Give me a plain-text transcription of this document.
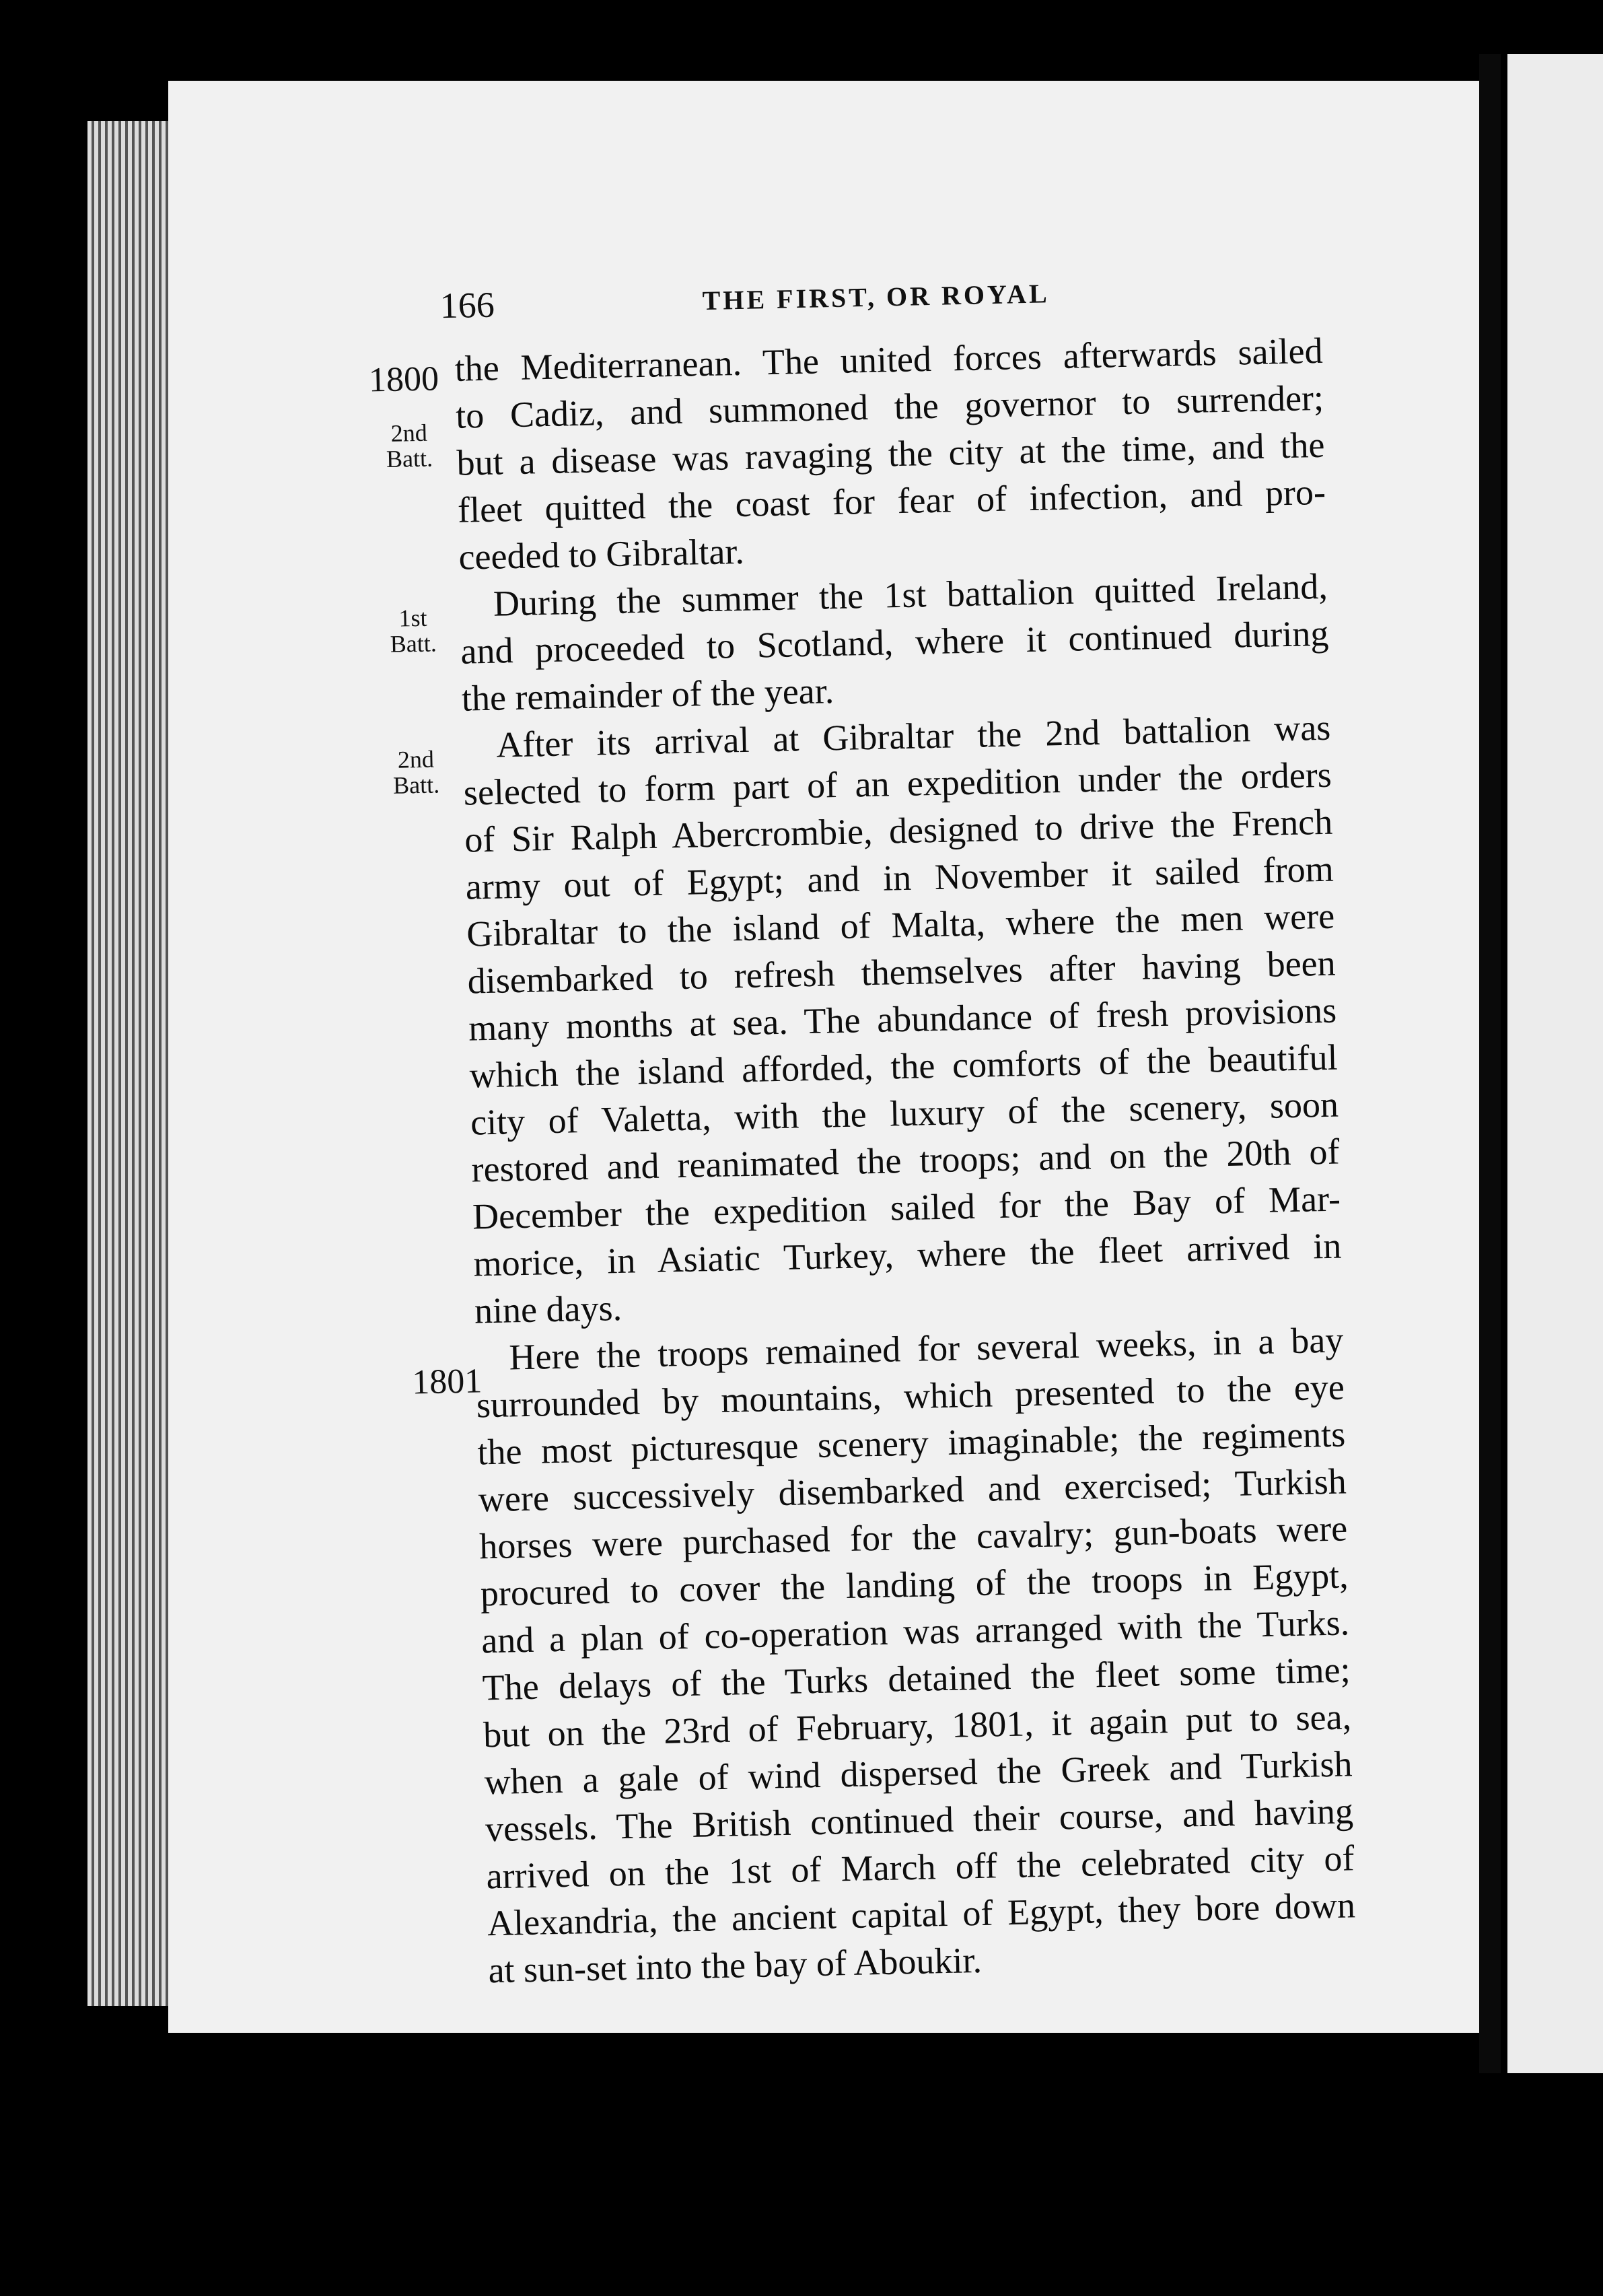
166	THE FIRST, OR ROYAL
1800
2nd
Batt.
1st
Batt.
2nd
Batt.
1801
the Mediterranean. The united forces afterwards sailed
to Cadiz, and summoned the governor to surrender;
but a disease was ravaging the city at the time, and the
fleet quitted the coast for fear of infection, and pro-
ceeded to Gibraltar.
During the summer the 1st battalion quitted Ireland,
and proceeded to Scotland, where it continued during
the remainder of the year.
After its arrival at Gibraltar the 2nd battalion was
selected to form part of an expedition under the orders
of Sir Ralph Abercrombie, designed to drive the French
army out of Egypt; and in November it sailed from
Gibraltar to the island of Malta, where the men were
disembarked to refresh themselves after having been
many months at sea. The abundance of fresh provisions
which the island afforded, the comforts of the beautiful
city of Valetta, with the luxury of the scenery, soon
restored and reanimated the troops; and on the 20th of
December the expedition sailed for the Bay of Mar-
morice, in Asiatic Turkey, where the fleet arrived in
nine days.
Here the troops remained for several weeks, in a bay
surrounded by mountains, which presented to the eye
the most picturesque scenery imaginable; the regiments
were successively disembarked and exercised; Turkish
horses were purchased for the cavalry; gun-boats were
procured to cover the landing of the troops in Egypt,
and a plan of co-operation was arranged with the Turks.
The delays of the Turks detained the fleet some time;
but on the 23rd of February, 1801, it again put to sea,
when a gale of wind dispersed the Greek and Turkish
vessels. The British continued their course, and having
arrived on the 1st of March off the celebrated city of
Alexandria, the ancient capital of Egypt, they bore down
at sun-set into the bay of Aboukir.
